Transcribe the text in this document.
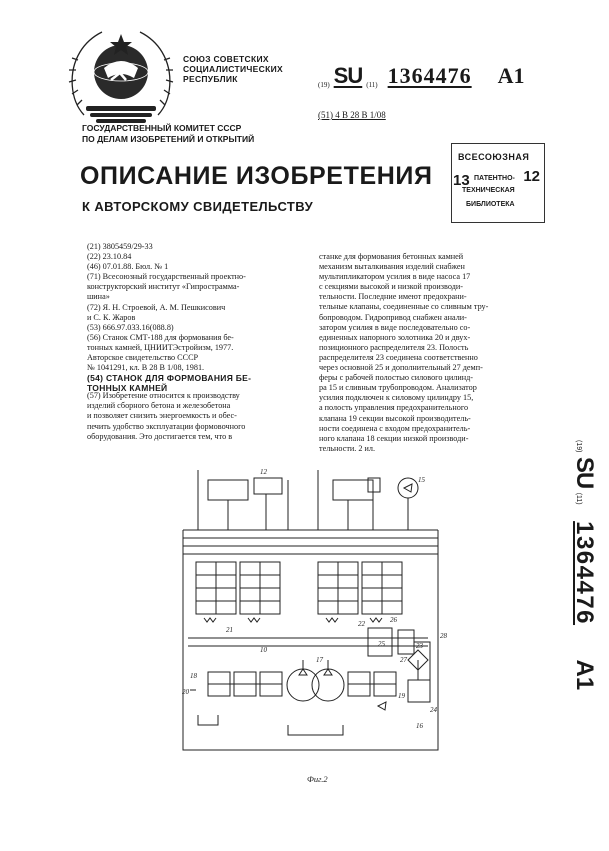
СОЮЗ СОВЕТСКИХ
СОЦИАЛИСТИЧЕСКИХ
РЕСПУБЛИК
(19) SU (11) 1364476 А1
(51) 4 В 28 В 1/08
ГОСУДАРСТВЕННЫЙ КОМИТЕТ СССР
ПО ДЕЛАМ ИЗОБРЕТЕНИЙ И ОТКРЫТИЙ
ОПИСАНИЕ ИЗОБРЕТЕНИЯ
К АВТОРСКОМУ СВИДЕТЕЛЬСТВУ
ВСЕСОЮЗНАЯ
13 ПАТЕНТНО-
ТЕХНИЧЕСКАЯ
БИБЛИОТЕКА
12
(21) 3805459/29-33
(22) 23.10.84
(46) 07.01.88. Бюл. № 1
(71) Всесоюзный государственный проектно-
конструкторский институт «Гипрострамма-
шина»
(72) Я. Н. Строевой, А. М. Пешкисович
и С. К. Жаров
(53) 666.97.033.16(088.8)
(56) Станок СМТ-188 для формования бе-
тонных камней, ЦНИИТЭстройизм, 1977.
Авторское свидетельство СССР
№ 1041291, кл. В 28 В 1/08, 1981.
(54) СТАНОК ДЛЯ ФОРМОВАНИЯ БЕ-
ТОННЫХ КАМНЕЙ
(57) Изобретение относится к производству
изделий сборного бетона и железобетона
и позволяет снизить энергоемкость и обес-
печить удобство эксплуатации формовочного
оборудования. Это достигается тем, что в
станке для формования бетонных камней
механизм выталкивания изделий снабжен
мультипликатором усилия в виде насоса 17
с секциями высокой и низкой производи-
тельности. Последние имеют предохрани-
тельные клапаны, соединенные со сливным тру-
бопроводом. Гидропривод снабжен анали-
затором усилия в виде последовательно со-
единенных напорного золотника 20 и двух-
позиционного распределителя 23. Полость
распределителя 23 соединена соответственно
через основной 25 и дополнительный 27 демп-
феры с рабочей полостью силового цилинд-
ра 15 и сливным трубопроводом. Анализатор
усилия подключен к силовому цилиндру 15,
а полость управления предохранительного
клапана 19 секции высокой производитель-
ности соединена с входом предохранитель-
ного клапана 18 секции низкой производи-
тельности. 2 ил.	(19) SU (11) 1364476 А1
12
15
21
10
17
22
20
18
19
26
23
24
25
27
28
16
Фиг.2
